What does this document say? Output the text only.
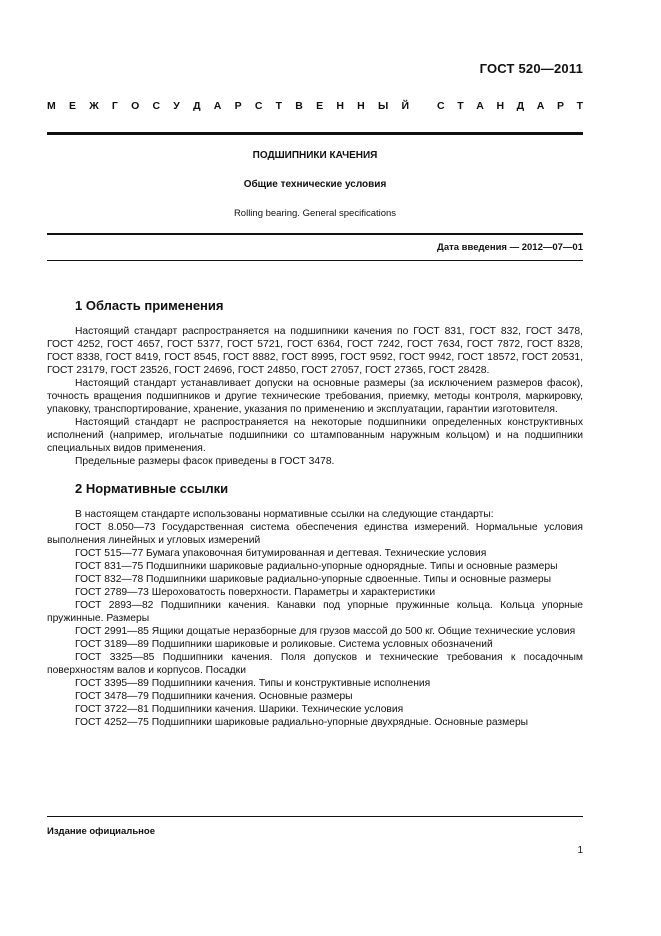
ГОСТ 520—2011
М Е Ж Г О С У Д А Р С Т В Е Н Н Ы Й	С Т А Н Д А Р Т
ПОДШИПНИКИ КАЧЕНИЯ
Общие технические условия
Rolling bearing. General specifications
Дата введения — 2012—07—01
1 Область применения

Настоящий стандарт распространяется на подшипники качения по ГОСТ 831, ГОСТ 832, ГОСТ 3478, ГОСТ 4252, ГОСТ 4657, ГОСТ 5377, ГОСТ 5721, ГОСТ 6364, ГОСТ 7242, ГОСТ 7634, ГОСТ 7872, ГОСТ 8328, ГОСТ 8338, ГОСТ 8419, ГОСТ 8545, ГОСТ 8882, ГОСТ 8995, ГОСТ 9592, ГОСТ 9942, ГОСТ 18572, ГОСТ 20531, ГОСТ 23179, ГОСТ 23526, ГОСТ 24696, ГОСТ 24850, ГОСТ 27057, ГОСТ 27365, ГОСТ 28428.

Настоящий стандарт устанавливает допуски на основные размеры (за исключением размеров фасок), точность вращения подшипников и другие технические требования, приемку, методы контроля, маркировку, упаковку, транспортирование, хранение, указания по применению и эксплуатации, гарантии изготовителя.

Настоящий стандарт не распространяется на некоторые подшипники определенных конструктивных исполнений (например, игольчатые подшипники со штампованным наружным кольцом) и на подшипники специальных видов применения.

Предельные размеры фасок приведены в ГОСТ 3478.

2 Нормативные ссылки

В настоящем стандарте использованы нормативные ссылки на следующие стандарты:

ГОСТ 8.050—73 Государственная система обеспечения единства измерений. Нормальные условия выполнения линейных и угловых измерений

ГОСТ 515—77 Бумага упаковочная битумированная и дегтевая. Технические условия

ГОСТ 831—75 Подшипники шариковые радиально-упорные однорядные. Типы и основные размеры

ГОСТ 832—78 Подшипники шариковые радиально-упорные сдвоенные. Типы и основные размеры

ГОСТ 2789—73 Шероховатость поверхности. Параметры и характеристики

ГОСТ 2893—82 Подшипники качения. Канавки под упорные пружинные кольца. Кольца упорные пружинные. Размеры

ГОСТ 2991—85 Ящики дощатые неразборные для грузов массой до 500 кг. Общие технические условия

ГОСТ 3189—89 Подшипники шариковые и роликовые. Система условных обозначений

ГОСТ 3325—85 Подшипники качения. Поля допусков и технические требования к посадочным поверхностям валов и корпусов. Посадки

ГОСТ 3395—89 Подшипники качения. Типы и конструктивные исполнения

ГОСТ 3478—79 Подшипники качения. Основные размеры

ГОСТ 3722—81 Подшипники качения. Шарики. Технические условия

ГОСТ 4252—75 Подшипники шариковые радиально-упорные двухрядные. Основные размеры

Издание официальное
1
